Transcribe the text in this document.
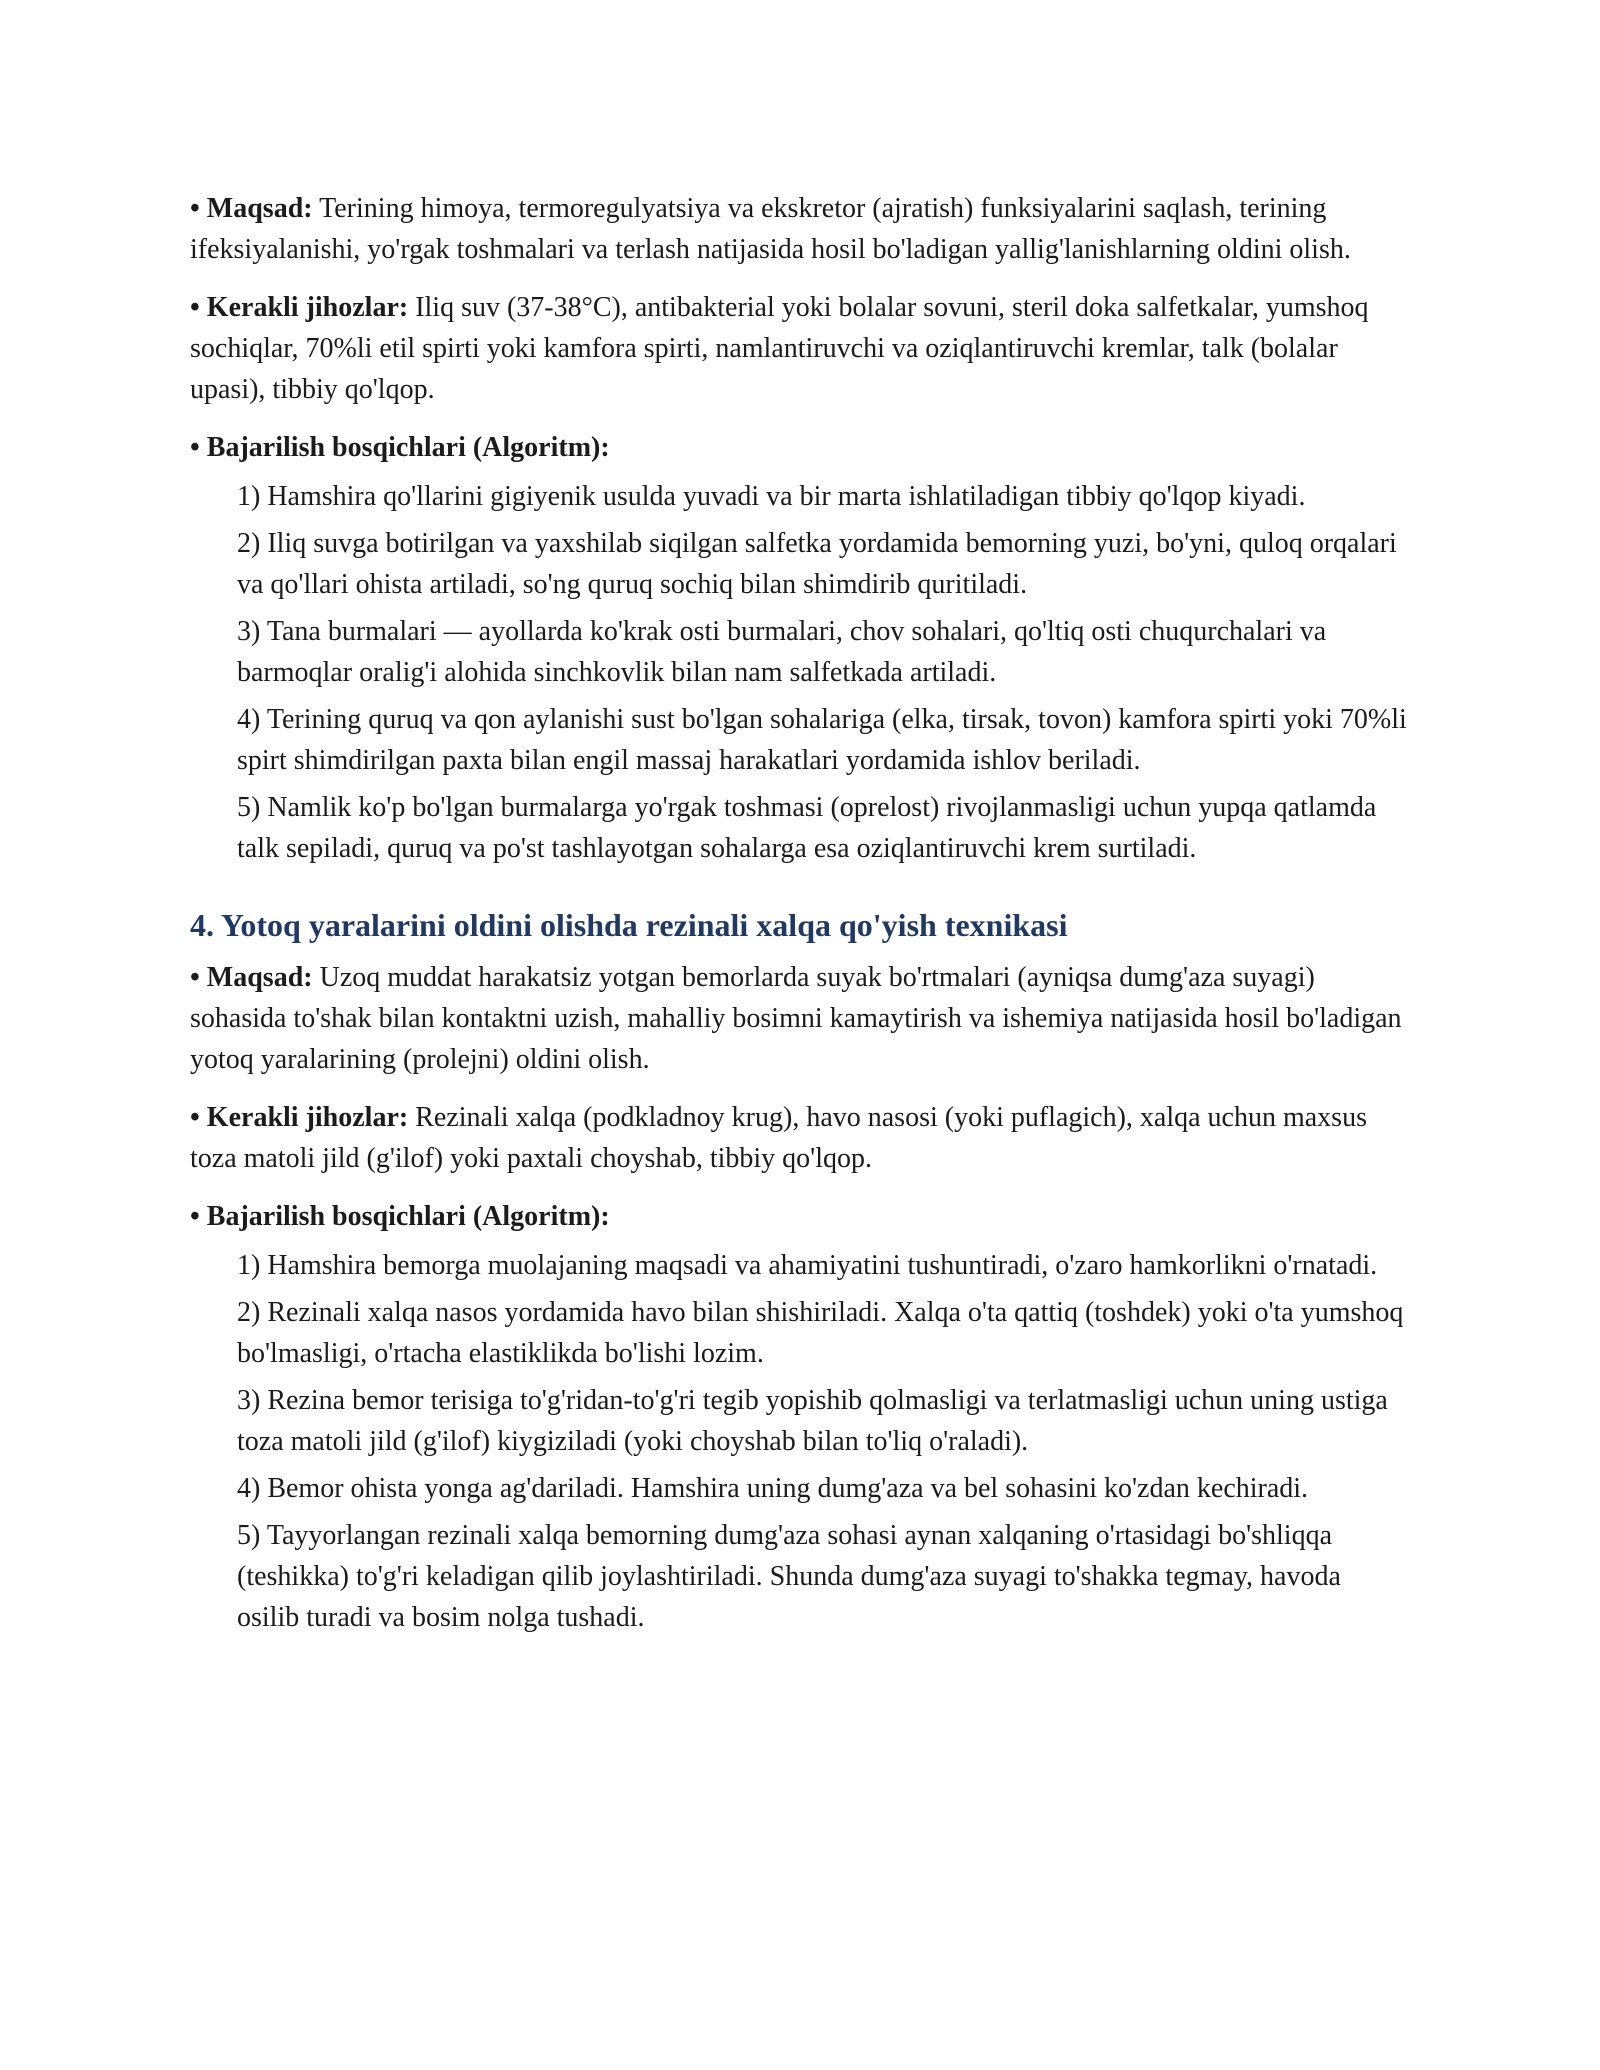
• Maqsad: Terining himoya, termoregulyatsiya va ekskretor (ajratish) funksiyalarini saqlash, terining ifeksiyalanishi, yo'rgak toshmalari va terlash natijasida hosil bo'ladigan yallig'lanishlarning oldini olish.

• Kerakli jihozlar: Iliq suv (37-38°C), antibakterial yoki bolalar sovuni, steril doka salfetkalar, yumshoq sochiqlar, 70%li etil spirti yoki kamfora spirti, namlantiruvchi va oziqlantiruvchi kremlar, talk (bolalar upasi), tibbiy qo'lqop.

• Bajarilish bosqichlari (Algoritm):

1) Hamshira qo'llarini gigiyenik usulda yuvadi va bir marta ishlatiladigan tibbiy qo'lqop kiyadi.
2) Iliq suvga botirilgan va yaxshilab siqilgan salfetka yordamida bemorning yuzi, bo'yni, quloq orqalari va qo'llari ohista artiladi, so'ng quruq sochiq bilan shimdirib quritiladi.
3) Tana burmalari — ayollarda ko'krak osti burmalari, chov sohalari, qo'ltiq osti chuqurchalari va barmoqlar oralig'i alohida sinchkovlik bilan nam salfetkada artiladi.
4) Terining quruq va qon aylanishi sust bo'lgan sohalariga (elka, tirsak, tovon) kamfora spirti yoki 70%li spirt shimdirilgan paxta bilan engil massaj harakatlari yordamida ishlov beriladi.
5) Namlik ko'p bo'lgan burmalarga yo'rgak toshmasi (oprelost) rivojlanmasligi uchun yupqa qatlamda talk sepiladi, quruq va po'st tashlayotgan sohalarga esa oziqlantiruvchi krem surtiladi.
4. Yotoq yaralarini oldini olishda rezinali xalqa qo'yish texnikasi

• Maqsad: Uzoq muddat harakatsiz yotgan bemorlarda suyak bo'rtmalari (ayniqsa dumg'aza suyagi) sohasida to'shak bilan kontaktni uzish, mahalliy bosimni kamaytirish va ishemiya natijasida hosil bo'ladigan yotoq yaralarining (prolejni) oldini olish.

• Kerakli jihozlar: Rezinali xalqa (podkladnoy krug), havo nasosi (yoki puflagich), xalqa uchun maxsus toza matoli jild (g'ilof) yoki paxtali choyshab, tibbiy qo'lqop.

• Bajarilish bosqichlari (Algoritm):

1) Hamshira bemorga muolajaning maqsadi va ahamiyatini tushuntiradi, o'zaro hamkorlikni o'rnatadi.
2) Rezinali xalqa nasos yordamida havo bilan shishiriladi. Xalqa o'ta qattiq (toshdek) yoki o'ta yumshoq bo'lmasligi, o'rtacha elastiklikda bo'lishi lozim.
3) Rezina bemor terisiga to'g'ridan-to'g'ri tegib yopishib qolmasligi va terlatmasligi uchun uning ustiga toza matoli jild (g'ilof) kiygiziladi (yoki choyshab bilan to'liq o'raladi).
4) Bemor ohista yonga ag'dariladi. Hamshira uning dumg'aza va bel sohasini ko'zdan kechiradi.
5) Tayyorlangan rezinali xalqa bemorning dumg'aza sohasi aynan xalqaning o'rtasidagi bo'shliqqa (teshikka) to'g'ri keladigan qilib joylashtiriladi. Shunda dumg'aza suyagi to'shakka tegmay, havoda osilib turadi va bosim nolga tushadi.
